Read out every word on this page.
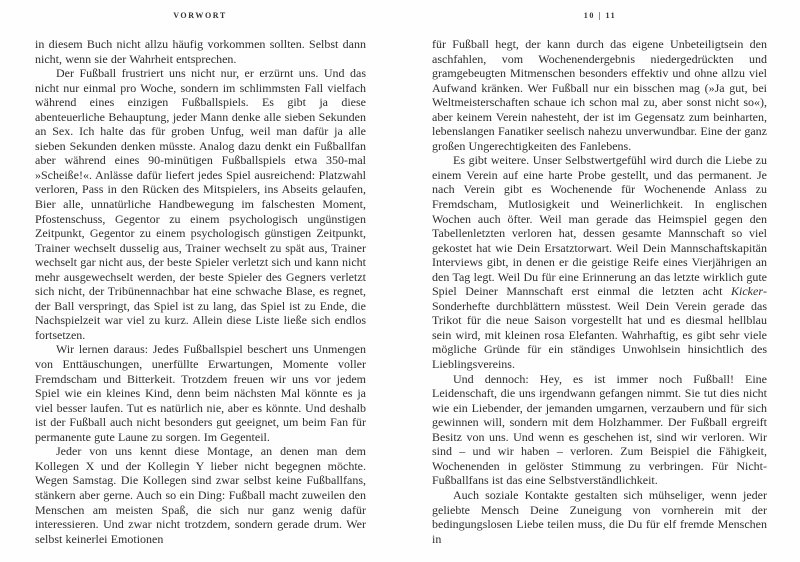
VORWORT

in diesem Buch nicht allzu häufig vorkommen sollten. Selbst dann nicht, wenn sie der Wahrheit entsprechen.

Der Fußball frustriert uns nicht nur, er erzürnt uns. Und das nicht nur einmal pro Woche, sondern im schlimmsten Fall vielfach während eines einzigen Fußballspiels. Es gibt ja diese abenteuerliche Behauptung, jeder Mann denke alle sieben Sekunden an Sex. Ich halte das für groben Unfug, weil man dafür ja alle sieben Sekunden denken müsste. Analog dazu denkt ein Fußballfan aber während eines 90-minütigen Fußballspiels etwa 350-mal »Scheiße!«. Anlässe dafür liefert jedes Spiel ausreichend: Platzwahl verloren, Pass in den Rücken des Mitspielers, ins Abseits gelaufen, Bier alle, unnatürliche Handbewegung im falschesten Moment, Pfostenschuss, Gegentor zu einem psychologisch ungünstigen Zeitpunkt, Gegentor zu einem psychologisch günstigen Zeitpunkt, Trainer wechselt dusselig aus, Trainer wechselt zu spät aus, Trainer wechselt gar nicht aus, der beste Spieler verletzt sich und kann nicht mehr ausgewechselt werden, der beste Spieler des Gegners verletzt sich nicht, der Tribünennachbar hat eine schwache Blase, es regnet, der Ball verspringt, das Spiel ist zu lang, das Spiel ist zu Ende, die Nachspielzeit war viel zu kurz. Allein diese Liste ließe sich endlos fortsetzen.

Wir lernen daraus: Jedes Fußballspiel beschert uns Unmengen von Enttäuschungen, unerfüllte Erwartungen, Momente voller Fremdscham und Bitterkeit. Trotzdem freuen wir uns vor jedem Spiel wie ein kleines Kind, denn beim nächsten Mal könnte es ja viel besser laufen. Tut es natürlich nie, aber es könnte. Und deshalb ist der Fußball auch nicht besonders gut geeignet, um beim Fan für permanente gute Laune zu sorgen. Im Gegenteil.

Jeder von uns kennt diese Montage, an denen man dem Kollegen X und der Kollegin Y lieber nicht begegnen möchte. Wegen Samstag. Die Kollegen sind zwar selbst keine Fußballfans, stänkern aber gerne. Auch so ein Ding: Fußball macht zuweilen den Menschen am meisten Spaß, die sich nur ganz wenig dafür interessieren. Und zwar nicht trotzdem, sondern gerade drum. Wer selbst keinerlei Emotionen

10 | 11

für Fußball hegt, der kann durch das eigene Unbeteiligtsein den aschfahlen, vom Wochenendergebnis niedergedrückten und gramgebeugten Mitmenschen besonders effektiv und ohne allzu viel Aufwand kränken. Wer Fußball nur ein bisschen mag (»Ja gut, bei Weltmeisterschaften schaue ich schon mal zu, aber sonst nicht so«), aber keinem Verein nahesteht, der ist im Gegensatz zum beinharten, lebenslangen Fanatiker seelisch nahezu unverwundbar. Eine der ganz großen Ungerechtigkeiten des Fanlebens.

Es gibt weitere. Unser Selbstwertgefühl wird durch die Liebe zu einem Verein auf eine harte Probe gestellt, und das permanent. Je nach Verein gibt es Wochenende für Wochenende Anlass zu Fremdscham, Mutlosigkeit und Weinerlichkeit. In englischen Wochen auch öfter. Weil man gerade das Heimspiel gegen den Tabellenletzten verloren hat, dessen gesamte Mannschaft so viel gekostet hat wie Dein Ersatztorwart. Weil Dein Mannschaftskapitän Interviews gibt, in denen er die geistige Reife eines Vierjährigen an den Tag legt. Weil Du für eine Erinnerung an das letzte wirklich gute Spiel Deiner Mannschaft erst einmal die letzten acht Kicker-Sonderhefte durchblättern müsstest. Weil Dein Verein gerade das Trikot für die neue Saison vorgestellt hat und es diesmal hellblau sein wird, mit kleinen rosa Elefanten. Wahrhaftig, es gibt sehr viele mögliche Gründe für ein ständiges Unwohlsein hinsichtlich des Lieblingsvereins.

Und dennoch: Hey, es ist immer noch Fußball! Eine Leidenschaft, die uns irgendwann gefangen nimmt. Sie tut dies nicht wie ein Liebender, der jemanden umgarnen, verzaubern und für sich gewinnen will, sondern mit dem Holzhammer. Der Fußball ergreift Besitz von uns. Und wenn es geschehen ist, sind wir verloren. Wir sind – und wir haben – verloren. Zum Beispiel die Fähigkeit, Wochenenden in gelöster Stimmung zu verbringen. Für Nicht-Fußballfans ist das eine Selbstverständlichkeit.

Auch soziale Kontakte gestalten sich mühseliger, wenn jeder geliebte Mensch Deine Zuneigung von vornherein mit der bedingungslosen Liebe teilen muss, die Du für elf fremde Menschen in
